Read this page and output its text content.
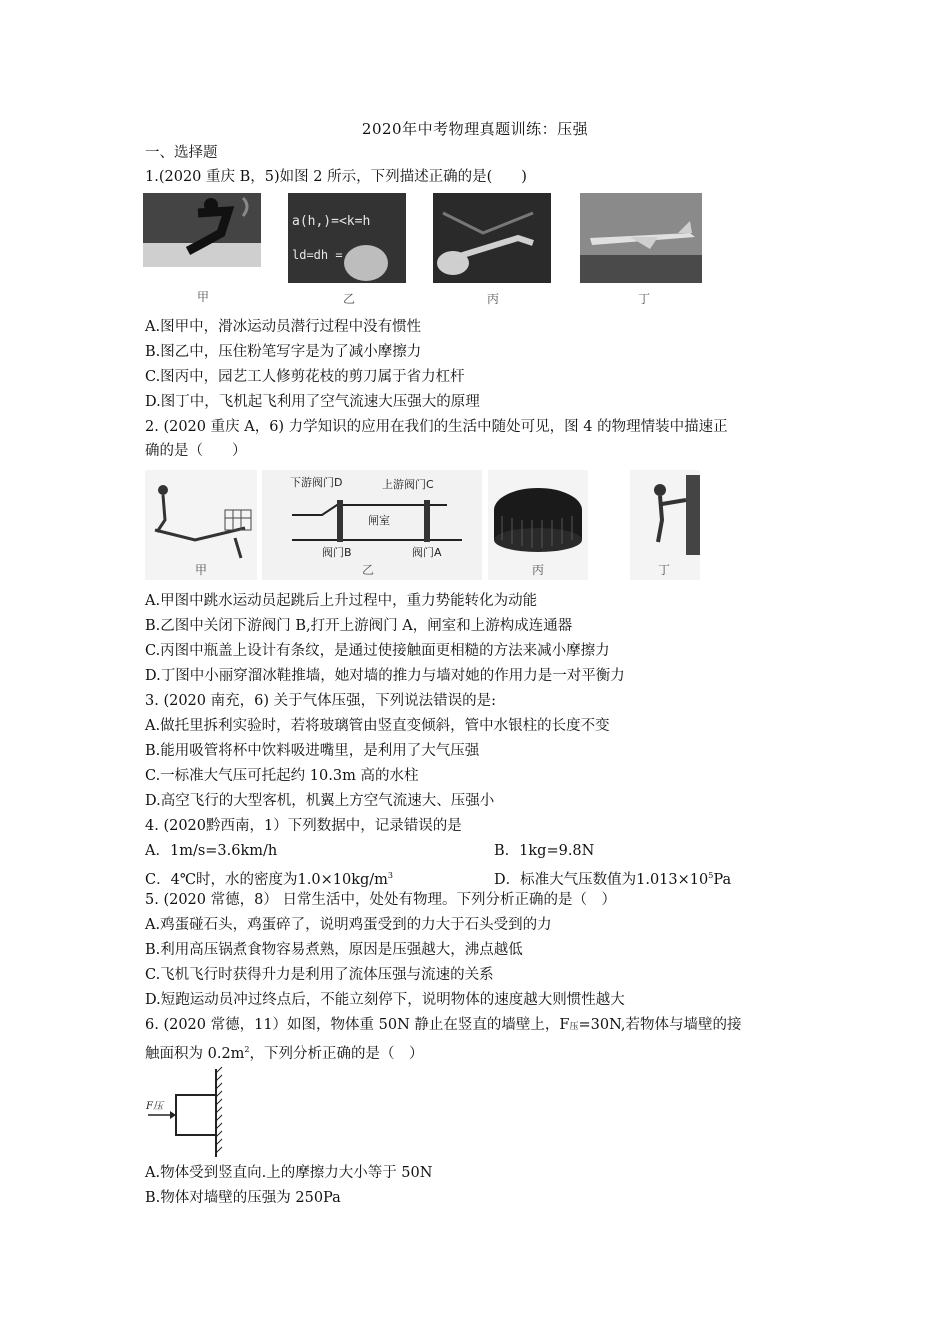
2020年中考物理真题训练：压强
一、选择题
1.(2020 重庆 B，5)如图 2 所示，下列描述正确的是(　　)
a(h,)=<k=h
ld=dh =
甲	乙	丙	丁
A.图甲中，滑冰运动员潜行过程中没有惯性
B.图乙中，压住粉笔写字是为了减小摩擦力
C.图丙中，园艺工人修剪花枝的剪刀属于省力杠杆
D.图丁中，飞机起飞利用了空气流速大压强大的原理
2. (2020 重庆 A，6) 力学知识的应用在我们的生活中随处可见，图 4 的物理情装中描速正
确的是（　　）
甲
下游阀门D	上游阀门C
闸室
阀门B	阀门A
乙	丙	丁
A.甲图中跳水运动员起跳后上升过程中，重力势能转化为动能
B.乙图中关闭下游阀门 B,打开上游阀门 A，闸室和上游构成连通器
C.丙图中瓶盖上设计有条纹，是通过使接触面更相糙的方法来减小摩擦力
D.丁图中小丽穿溜冰鞋推墙，她对墙的推力与墙对她的作用力是一对平衡力
3. (2020 南充，6) 关于气体压强，下列说法错误的是:
A.做托里拆利实验时，若将玻璃管由竖直变倾斜，管中水银柱的长度不变
B.能用吸管将杯中饮料吸进嘴里，是利用了大气压强
C.一标准大气压可托起约 10.3m 高的水柱
D.高空飞行的大型客机，机翼上方空气流速大、压强小
4. (2020黔西南，1）下列数据中，记录错误的是
A．1m/s=3.6km/h	B．1kg=9.8N
C．4℃时，水的密度为$1.0\times 10kg/m^3$	D．标准大气压数值为$1.013\times 10^5Pa$
5. (2020 常德，8） 日常生活中，处处有物理。下列分析正确的是（　）
A.鸡蛋碰石头，鸡蛋碎了，说明鸡蛋受到的力大于石头受到的力
B.利用高压锅煮食物容易煮熟，原因是压强越大，沸点越低
C.飞机飞行时获得升力是利用了流体压强与流速的关系
D.短跑运动员冲过终点后，不能立刻停下，说明物体的速度越大则惯性越大
6. (2020 常德，11）如图，物体重 50N 静止在竖直的墙壁上，F压=30N,若物体与墙壁的接
触面积为 $0.2m^2$，下列分析正确的是（　）
F压
A.物体受到竖直向.上的摩擦力大小等于 50N
B.物体对墙壁的压强为 250Pa
